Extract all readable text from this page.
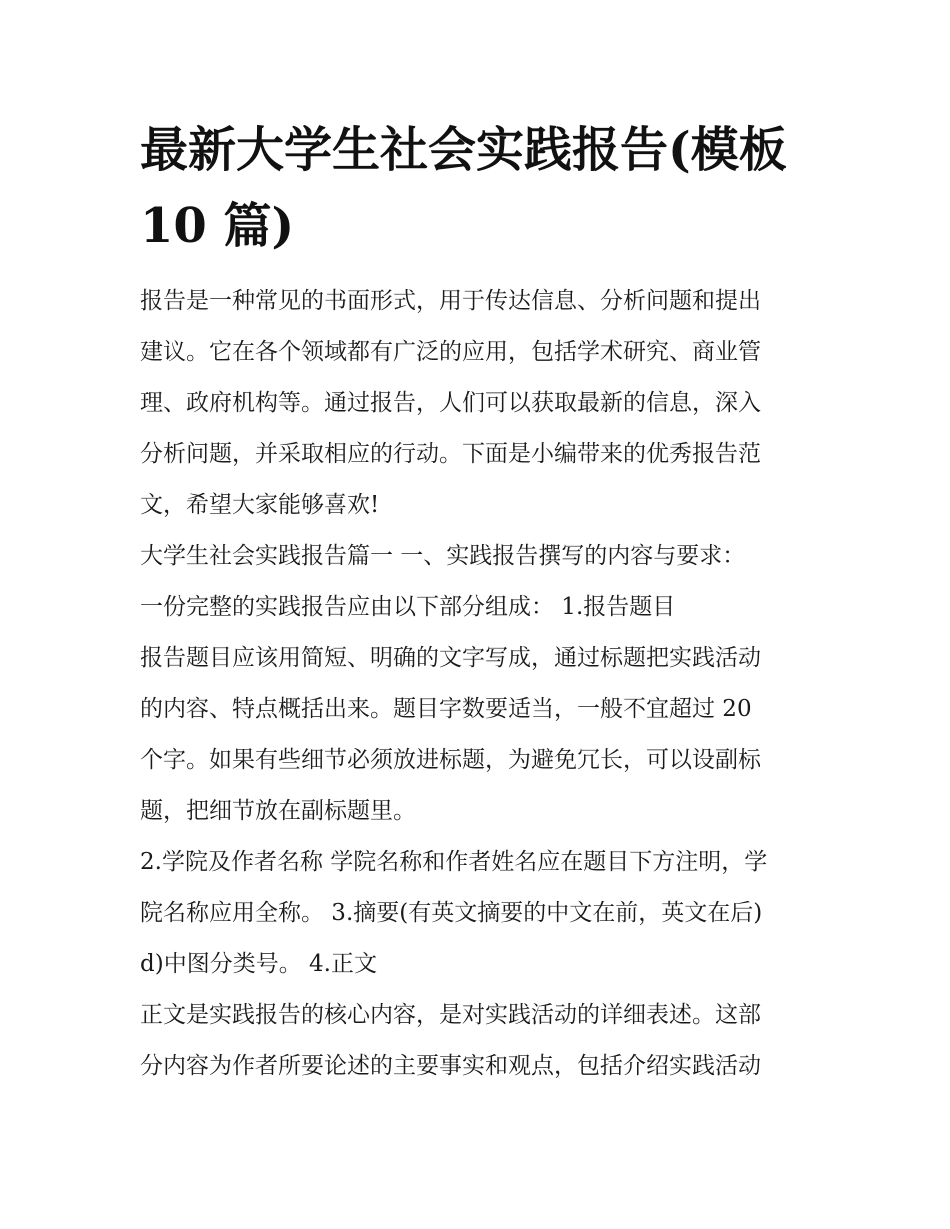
最新大学生社会实践报告(模板
10 篇)
报告是一种常见的书面形式，用于传达信息、分析问题和提出
建议。它在各个领域都有广泛的应用，包括学术研究、商业管
理、政府机构等。通过报告，人们可以获取最新的信息，深入
分析问题，并采取相应的行动。下面是小编带来的优秀报告范
文，希望大家能够喜欢!
大学生社会实践报告篇一 一、实践报告撰写的内容与要求：
一份完整的实践报告应由以下部分组成： 1.报告题目
报告题目应该用简短、明确的文字写成，通过标题把实践活动
的内容、特点概括出来。题目字数要适当，一般不宜超过 20
个字。如果有些细节必须放进标题，为避免冗长，可以设副标
题，把细节放在副标题里。
2.学院及作者名称 学院名称和作者姓名应在题目下方注明，学
院名称应用全称。 3.摘要(有英文摘要的中文在前，英文在后)
d)中图分类号。 4.正文
正文是实践报告的核心内容，是对实践活动的详细表述。这部
分内容为作者所要论述的主要事实和观点，包括介绍实践活动
